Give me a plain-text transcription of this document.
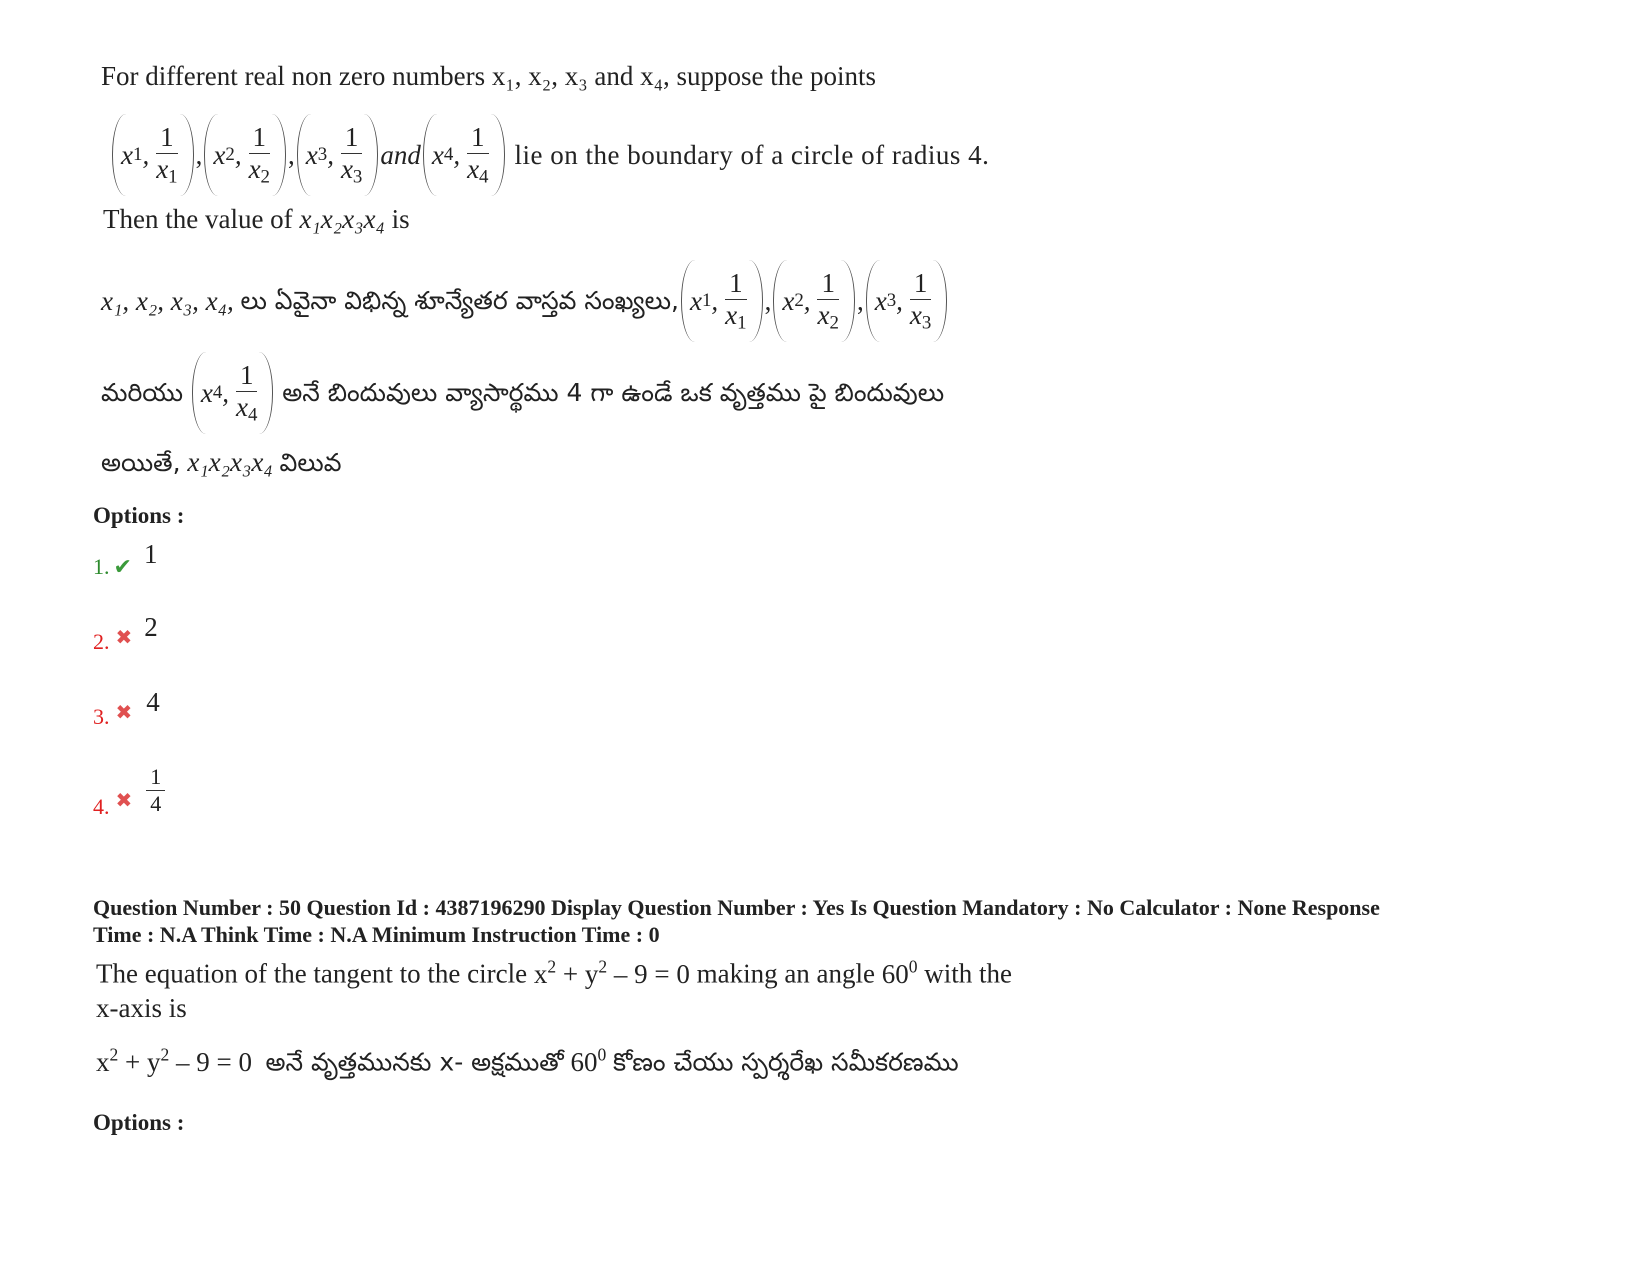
For different real non zero numbers x₁, x₂, x₃ and x₄, suppose the points
x 1 , $\frac{1}{x_1}$ , x 2 , $\frac{1}{x_2}$ , x 3 , $\frac{1}{x_3}$ and x 4 , $\frac{1}{x_4}$ lie on the boundary of a circle of radius 4.
Then the value of x₁x₂x₃x₄ is
x₁, x₂, x₃, x₄,
లు ఏవైనా విభిన్న శూన్యేతర వాస్తవ సంఖ్యలు, x 1 , $\frac{1}{x_1}$ , x 2 , $\frac{1}{x_2}$ , x 3 , $\frac{1}{x_3}$
మరియు
x 4 , $\frac{1}{x_4}$
అనే బిందువులు వ్యాసార్థము 4 గా ఉండే ఒక వృత్తము పై బిందువులు
అయితే, x₁x₂x₃x₄ విలువ
Options :
1. ✔ 1
2. ✖ 2
3. ✖ 4
4. ✖ $\frac{1}{4}$
Question Number : 50 Question Id : 4387196290 Display Question Number : Yes Is Question Mandatory : No Calculator : None Response
Time : N.A Think Time : N.A Minimum Instruction Time : 0
The equation of the tangent to the circle $x^2 + y^2 - 9 = 0$ making an angle $60^0$ with the
x-axis is
$x^2 + y^2 - 9 = 0$ అనే వృత్తమునకు x- అక్షముతో $60^0$ కోణం చేయు స్పర్శరేఖ సమీకరణము
Options :
